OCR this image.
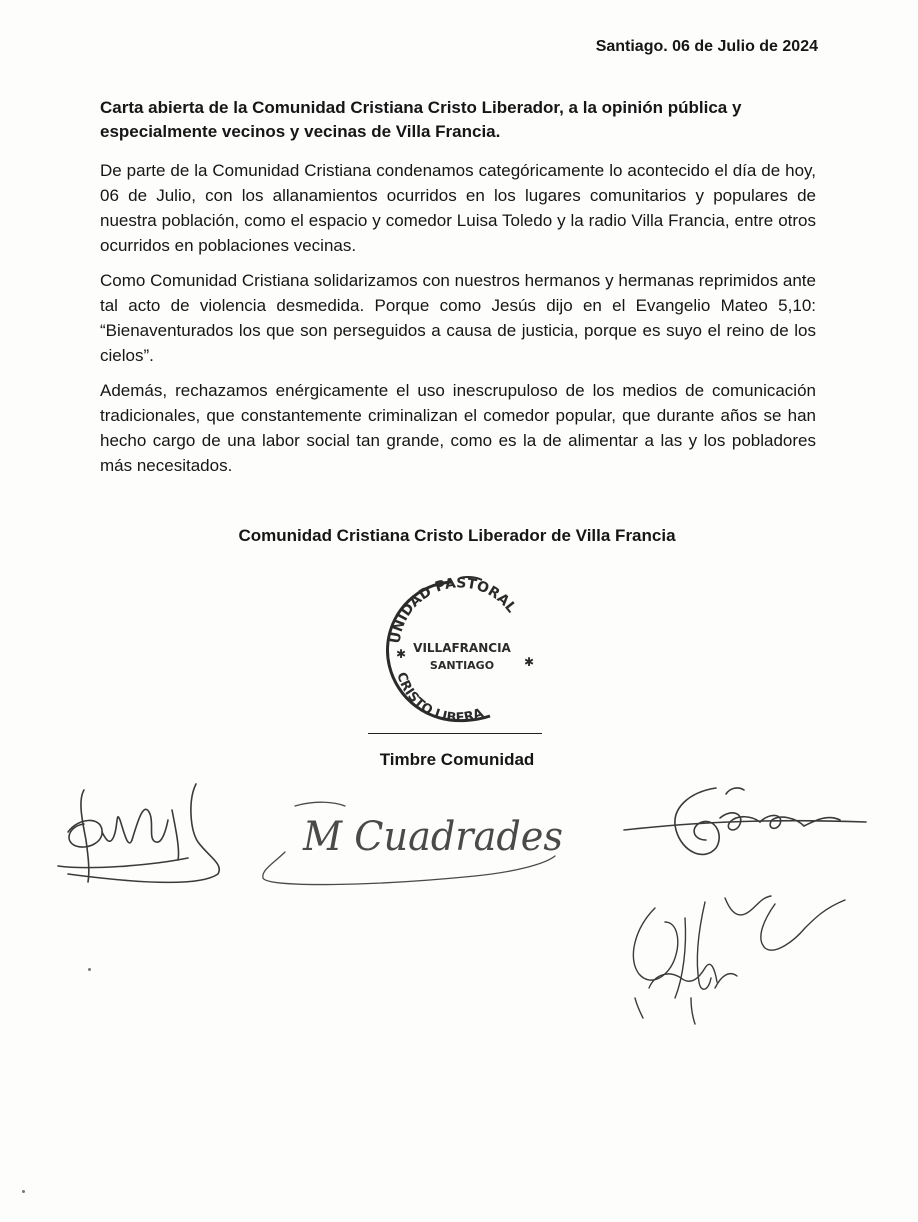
Santiago. 06 de Julio de 2024
Carta abierta de la Comunidad Cristiana Cristo Liberador, a la opinión pública y especialmente vecinos y vecinas de Villa Francia.

De parte de la Comunidad Cristiana condenamos categóricamente lo acontecido el día de hoy, 06 de Julio, con los allanamientos ocurridos en los lugares comunitarios y populares de nuestra población, como el espacio y comedor Luisa Toledo y la radio Villa Francia, entre otros ocurridos en poblaciones vecinas.

Como Comunidad Cristiana solidarizamos con nuestros hermanos y hermanas reprimidos ante tal acto de violencia desmedida. Porque como Jesús dijo en el Evangelio Mateo 5,10: “Bienaventurados los que son perseguidos a causa de justicia, porque es suyo el reino de los cielos”.

Además, rechazamos enérgicamente el uso inescrupuloso de los medios de comunicación tradicionales, que constantemente criminalizan el comedor popular, que durante años se han hecho cargo de una labor social tan grande, como es la de alimentar a las y los pobladores más necesitados.

Comunidad Cristiana Cristo Liberador de Villa Francia
UNIDAD PASTORAL
VILLAFRANCIA
SANTIAGO
CRISTO LIBERA
✱
✱
Timbre Comunidad
M Cuadrades
